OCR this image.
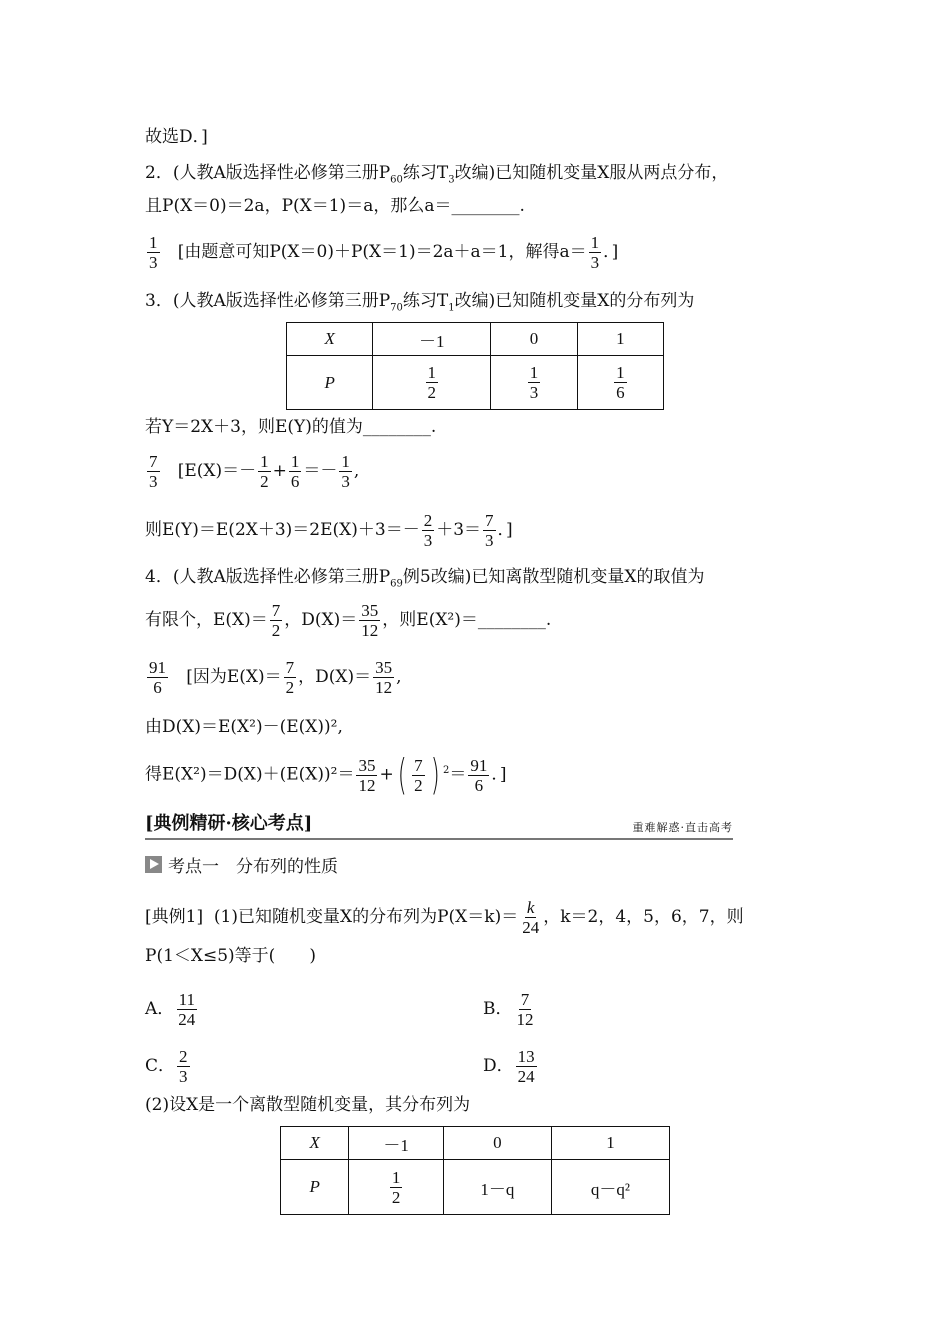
故选D．]
2．(人教A版选择性必修第三册$P_{60}$练习$T_3$改编)已知随机变量X服从两点分布，
且P(X＝0)＝2a，P(X＝1)＝a，那么a＝________.
$\frac{1}{3}$ [由题意可知P(X＝0)＋P(X＝1)＝2a＋a＝1，解得$a= \frac{1}{3}$ ．]
3．(人教A版选择性必修第三册$P_{70}$练习$T_1$改编)已知随机变量X的分布列为
X	－1	0	1
P	$\frac{1}{2}$	$\frac{1}{3}$	$\frac{1}{6}$
若Y＝2X＋3，则E(Y)的值为________.
$\frac{7}{3} [E(X)=- \frac{1}{2} + \frac{1}{6} =- \frac{1}{3}$ ,
则$E(Y)=E(2X+3)=2E(X)+3=- \frac{2}{3} +3= \frac{7}{3}$ ．]
4．(人教A版选择性必修第三册$P_{69}$例5改编)已知离散型随机变量X的取值为
有限个，$E(X)= \frac{7}{2}$ ，$D(X)= \frac{35}{12}$ ，则E(X²)＝________.
$\frac{91}{6}$ [因为$E(X)= \frac{7}{2}$ ，$D(X)= \frac{35}{12}$ ,
由D(X)＝E(X²)－(E(X))²,
得$E(X^2)=D(X)+(E(X))^2= \frac{35}{12}$ +( $\frac{7}{2}$ ) $^2= \frac{91}{6}$ ．]
[典例精研·核心考点]	重难解惑·直击高考
考点一　分布列的性质
[典例1] (1)已知随机变量X的分布列为$P(X=k)= \frac{k}{24}$ ，k＝2，4，5，6，7，则
P(1＜X≤5)等于(　　)
A． $\frac{11}{24}$	B． $\frac{7}{12}$
C． $\frac{2}{3}$	D． $\frac{13}{24}$
(2)设X是一个离散型随机变量，其分布列为
X	－1	0	1
P	$\frac{1}{2}$	1－q	q－q²
